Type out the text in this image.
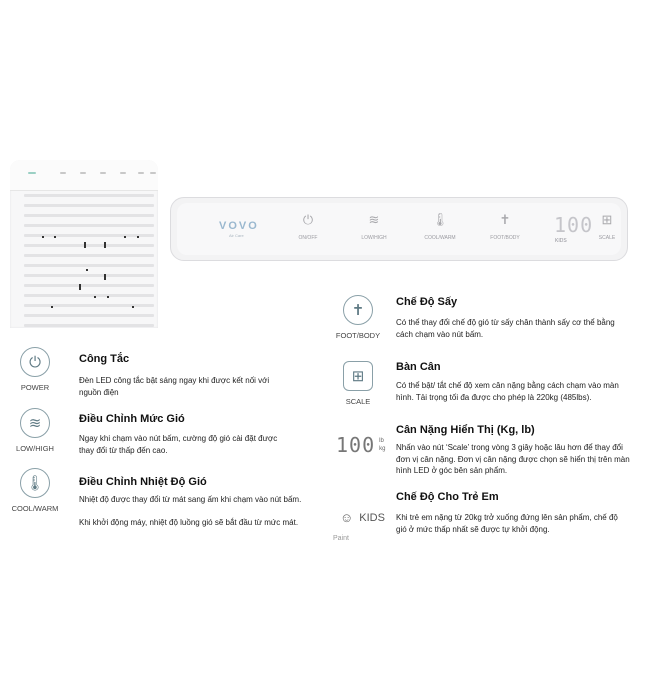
VOVO
Air Care
⏻
ON/OFF
≋
LOW/HIGH
🌡
COOL/WARM
✝
FOOT/BODY
100
KIDS
⊞
SCALE
⏻
POWER
Công Tắc
Đèn LED công tắc bật sáng ngay khi được kết nối với nguồn điện
≋
LOW/HIGH
Điều Chỉnh Mức Gió
Ngay khi chạm vào nút bấm, cường độ gió cài đặt được thay đổi từ thấp đến cao.
🌡
COOL/WARM
Điều Chỉnh Nhiệt Độ Gió
Nhiệt độ được thay đổi từ mát sang ấm khi chạm vào nút bấm.
Khi khởi động máy, nhiệt độ luồng gió sẽ bắt đầu từ mức mát.
✝
FOOT/BODY
Chế Độ Sấy
Có thể thay đổi chế độ gió từ sấy chân thành sấy cơ thể bằng cách chạm vào nút bấm.
⊞
SCALE
Bàn Cân
Có thể bật/ tắt chế độ xem cân nặng bằng cách chạm vào màn hình. Tải trọng tối đa được cho phép là 220kg (485lbs).
100 lb
kg
Cân Nặng Hiển Thị (Kg, lb)
Nhấn vào nút ‘Scale’ trong vòng 3 giây hoặc lâu hơn để thay đổi đơn vị cân nặng. Đơn vị cân nặng được chọn sẽ hiển thị trên màn hình LED ở góc bên sản phẩm.
☺ KIDS
Paint
Chế Độ Cho Trẻ Em
Khi trẻ em nặng từ 20kg trở xuống đứng lên sản phẩm, chế độ gió ở mức thấp nhất sẽ được tự khởi động.
